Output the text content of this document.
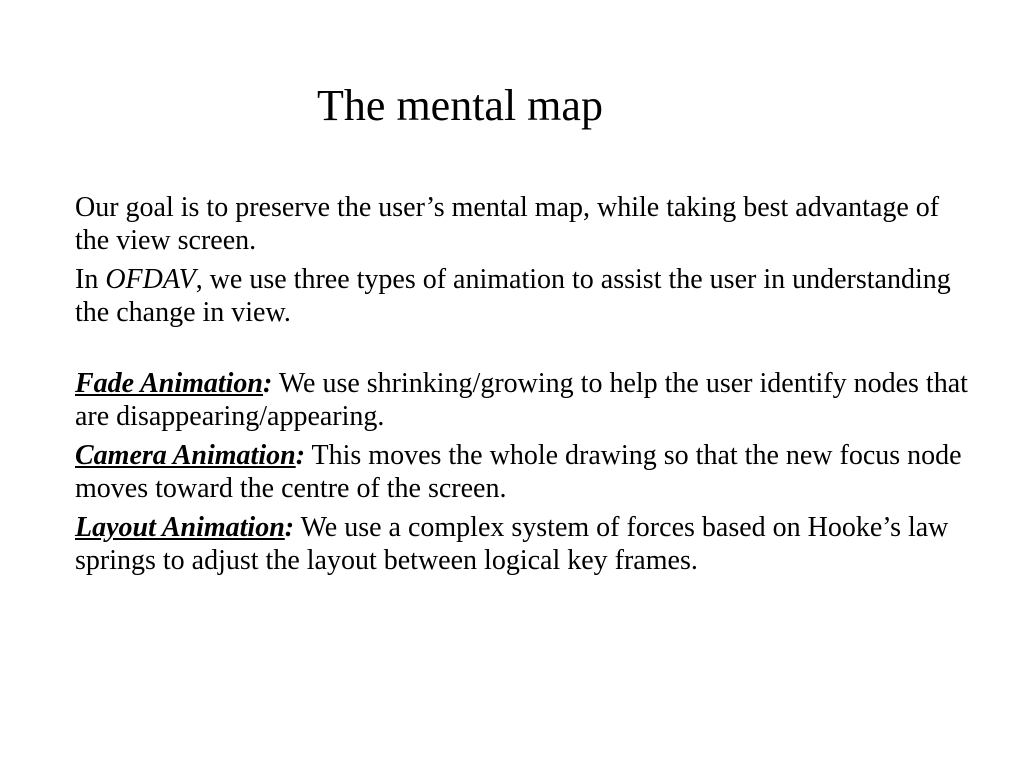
The mental map

Our goal is to preserve the user’s mental map, while taking best advantage of the view screen.

In OFDAV, we use three types of animation to assist the user in understanding the change in view.

Fade Animation: We use shrinking/growing to help the user identify nodes that are disappearing/appearing.

Camera Animation: This moves the whole drawing so that the new focus node moves toward the centre of the screen.

Layout Animation: We use a complex system of forces based on Hooke’s law springs to adjust the layout between logical key frames.
